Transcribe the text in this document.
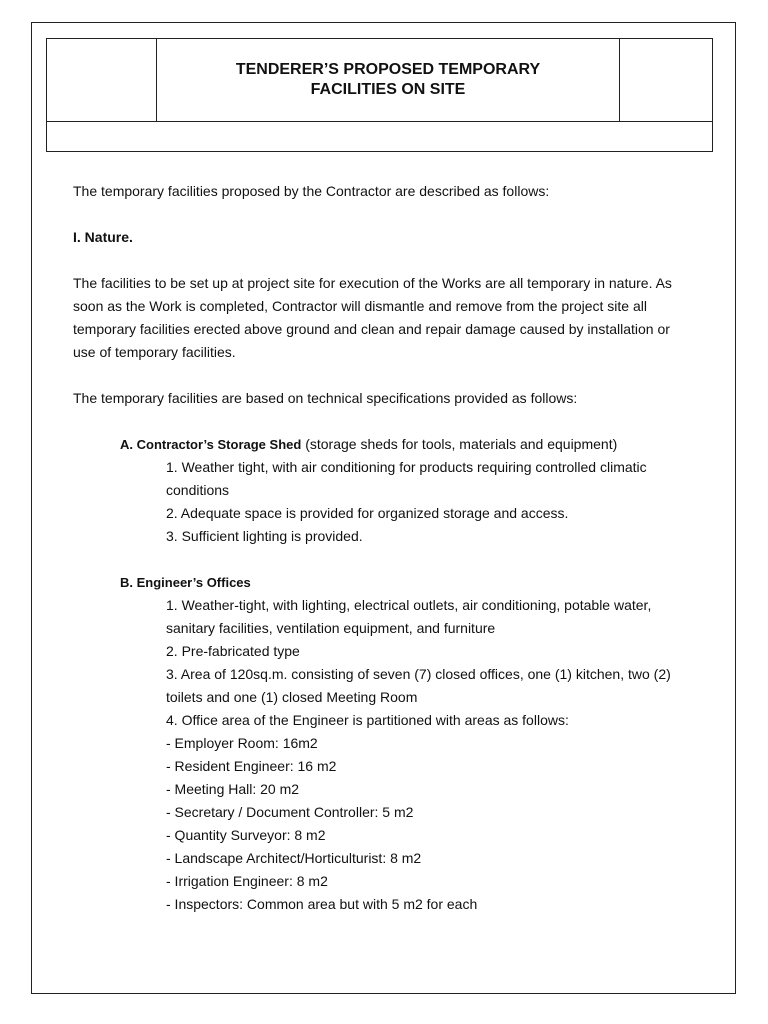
TENDERER’S PROPOSED TEMPORARY
FACILITIES ON SITE

The temporary facilities proposed by the Contractor are described as follows:

I. Nature.

The facilities to be set up at project site for execution of the Works are all temporary in nature. As soon as the Work is completed, Contractor will dismantle and remove from the project site all temporary facilities erected above ground and clean and repair damage caused by installation or use of temporary facilities.

The temporary facilities are based on technical specifications provided as follows:

A. Contractor’s Storage Shed (storage sheds for tools, materials and equipment)

1. Weather tight, with air conditioning for products requiring controlled climatic conditions

2. Adequate space is provided for organized storage and access.

3. Sufficient lighting is provided.

B. Engineer’s Offices

1. Weather-tight, with lighting, electrical outlets, air conditioning, potable water, sanitary facilities, ventilation equipment, and furniture

2. Pre-fabricated type

3. Area of 120sq.m. consisting of seven (7) closed offices, one (1) kitchen, two (2) toilets and one (1) closed Meeting Room

4. Office area of the Engineer is partitioned with areas as follows:

- Employer Room: 16m2

- Resident Engineer: 16 m2

- Meeting Hall: 20 m2

- Secretary / Document Controller: 5 m2

- Quantity Surveyor: 8 m2

- Landscape Architect/Horticulturist: 8 m2

- Irrigation Engineer: 8 m2

- Inspectors: Common area but with 5 m2 for each
